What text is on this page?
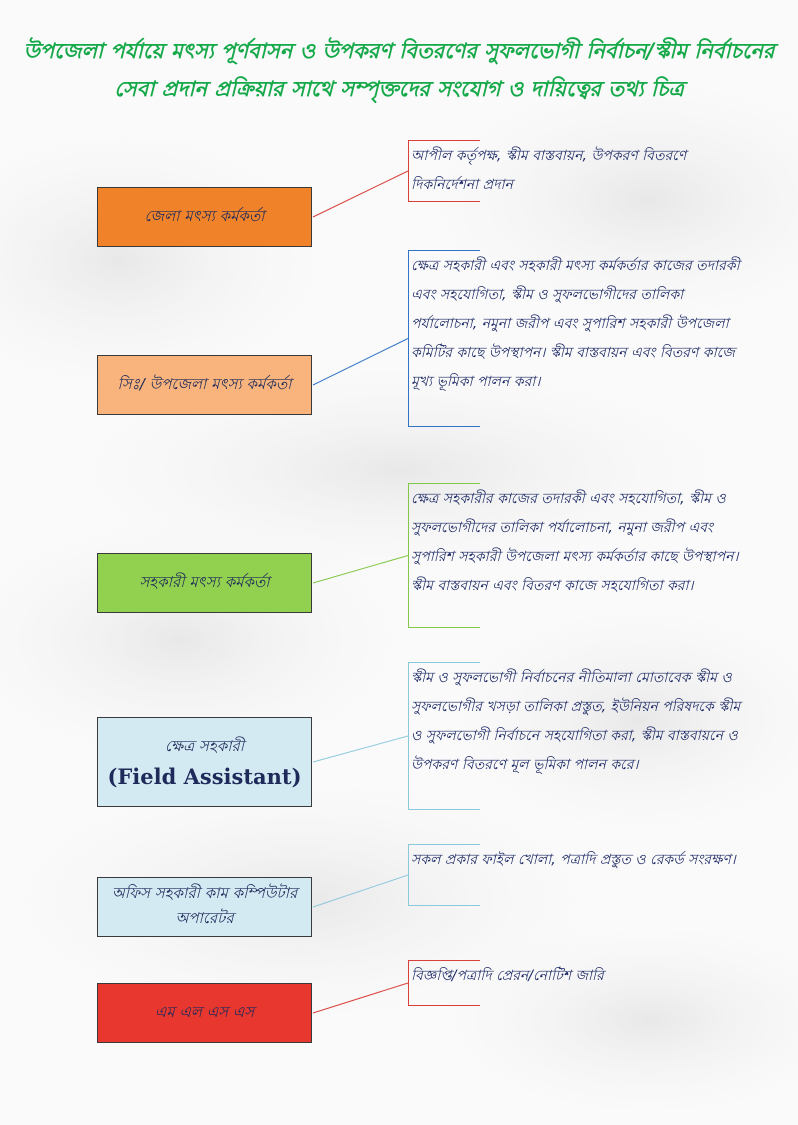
উপজেলা পর্যায়ে মৎস্য পূর্ণবাসন ও উপকরণ বিতরণের সুফলভোগী নির্বাচন/স্কীম নির্বাচনের সেবা প্রদান প্রক্রিয়ার সাথে সম্পৃক্তদের সংযোগ ও দায়িত্বের তথ্য চিত্র
জেলা মৎস্য কর্মকর্তা
আপীল কর্তৃপক্ষ, স্কীম বাস্তবায়ন, উপকরণ বিতরণে দিকনির্দেশনা প্রদান
সিঃ/ উপজেলা মৎস্য কর্মকর্তা
ক্ষেত্র সহকারী এবং সহকারী মৎস্য কর্মকর্তার কাজের তদারকী এবং সহযোগিতা, স্কীম ও সুফলভোগীদের তালিকা পর্যালোচনা, নমুনা জরীপ এবং সুপারিশ সহকারী উপজেলা কমিটির কাছে উপস্থাপন। স্কীম বাস্তবায়ন এবং বিতরণ কাজে মূখ্য ভূমিকা পালন করা।
সহকারী মৎস্য কর্মকর্তা
ক্ষেত্র সহকারীর কাজের তদারকী এবং সহযোগিতা, স্কীম ও সুফলভোগীদের তালিকা পর্যালোচনা, নমুনা জরীপ এবং সুপারিশ সহকারী উপজেলা মৎস্য কর্মকর্তার কাছে উপস্থাপন। স্কীম বাস্তবায়ন এবং বিতরণ কাজে সহযোগিতা করা।
ক্ষেত্র সহকারী
(Field Assistant)
স্কীম ও সুফলভোগী নির্বাচনের নীতিমালা মোতাবেক স্কীম ও সুফলভোগীর খসড়া তালিকা প্রস্তুত, ইউনিয়ন পরিষদকে স্কীম ও সুফলভোগী নির্বাচনে সহযোগিতা করা, স্কীম বাস্তবায়নে ও উপকরণ বিতরণে মূল ভূমিকা পালন করে।
অফিস সহকারী কাম কম্পিউটার অপারেটর
সকল প্রকার ফাইল খোলা, পত্রাদি প্রস্তুত ও রেকর্ড সংরক্ষণ।
এম এল এস এস
বিজ্ঞপ্তি/পত্রাদি প্রেরন/নোটিশ জারি
